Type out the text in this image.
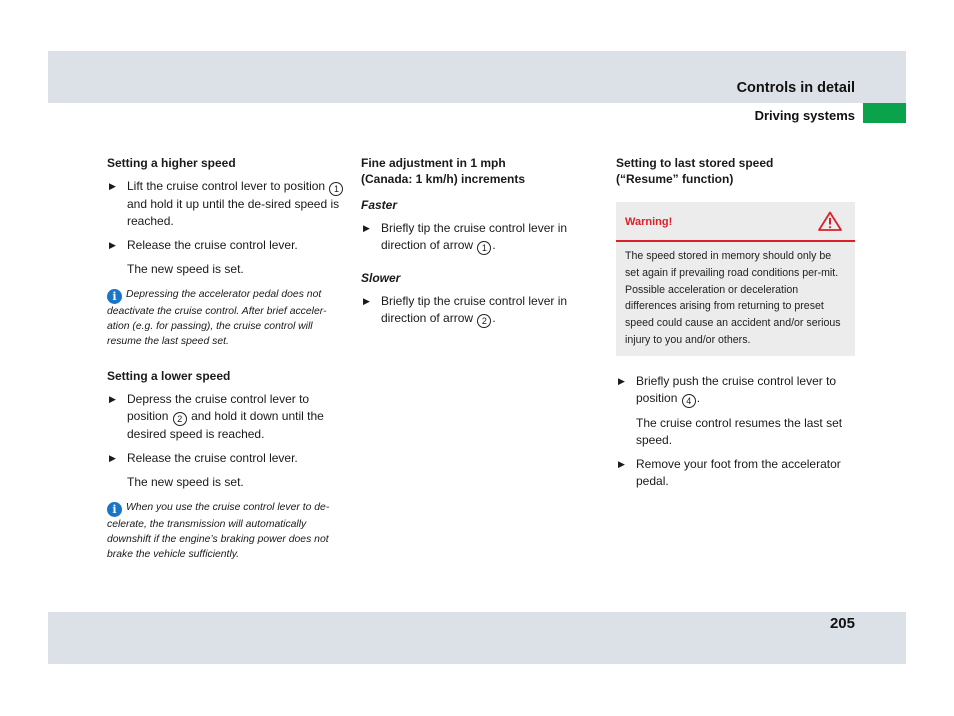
Controls in detail
Driving systems

Setting a higher speed

▶ Lift the cruise control lever to position 1 and hold it up until the de-sired speed is reached.
▶ Release the cruise control lever.
The new speed is set.
i Depressing the accelerator pedal does not deactivate the cruise control. After brief acceler-ation (e.g. for passing), the cruise control will resume the last speed set.

Setting a lower speed

▶ Depress the cruise control lever to position 2 and hold it down until the desired speed is reached.
▶ Release the cruise control lever.
The new speed is set.
i When you use the cruise control lever to de-celerate, the transmission will automatically downshift if the engine’s braking power does not brake the vehicle sufficiently.

Fine adjustment in 1 mph
(Canada: 1 km/h) increments

Faster
▶ Briefly tip the cruise control lever in direction of arrow 1 .
Slower
▶ Briefly tip the cruise control lever in direction of arrow 2 .

Setting to last stored speed
(“Resume” function)

Warning!
The speed stored in memory should only be set again if prevailing road conditions per-mit. Possible acceleration or deceleration differences arising from returning to preset speed could cause an accident and/or serious injury to you and/or others.
▶ Briefly push the cruise control lever to position 4 .
The cruise control resumes the last set speed.
▶ Remove your foot from the accelerator pedal.
205
